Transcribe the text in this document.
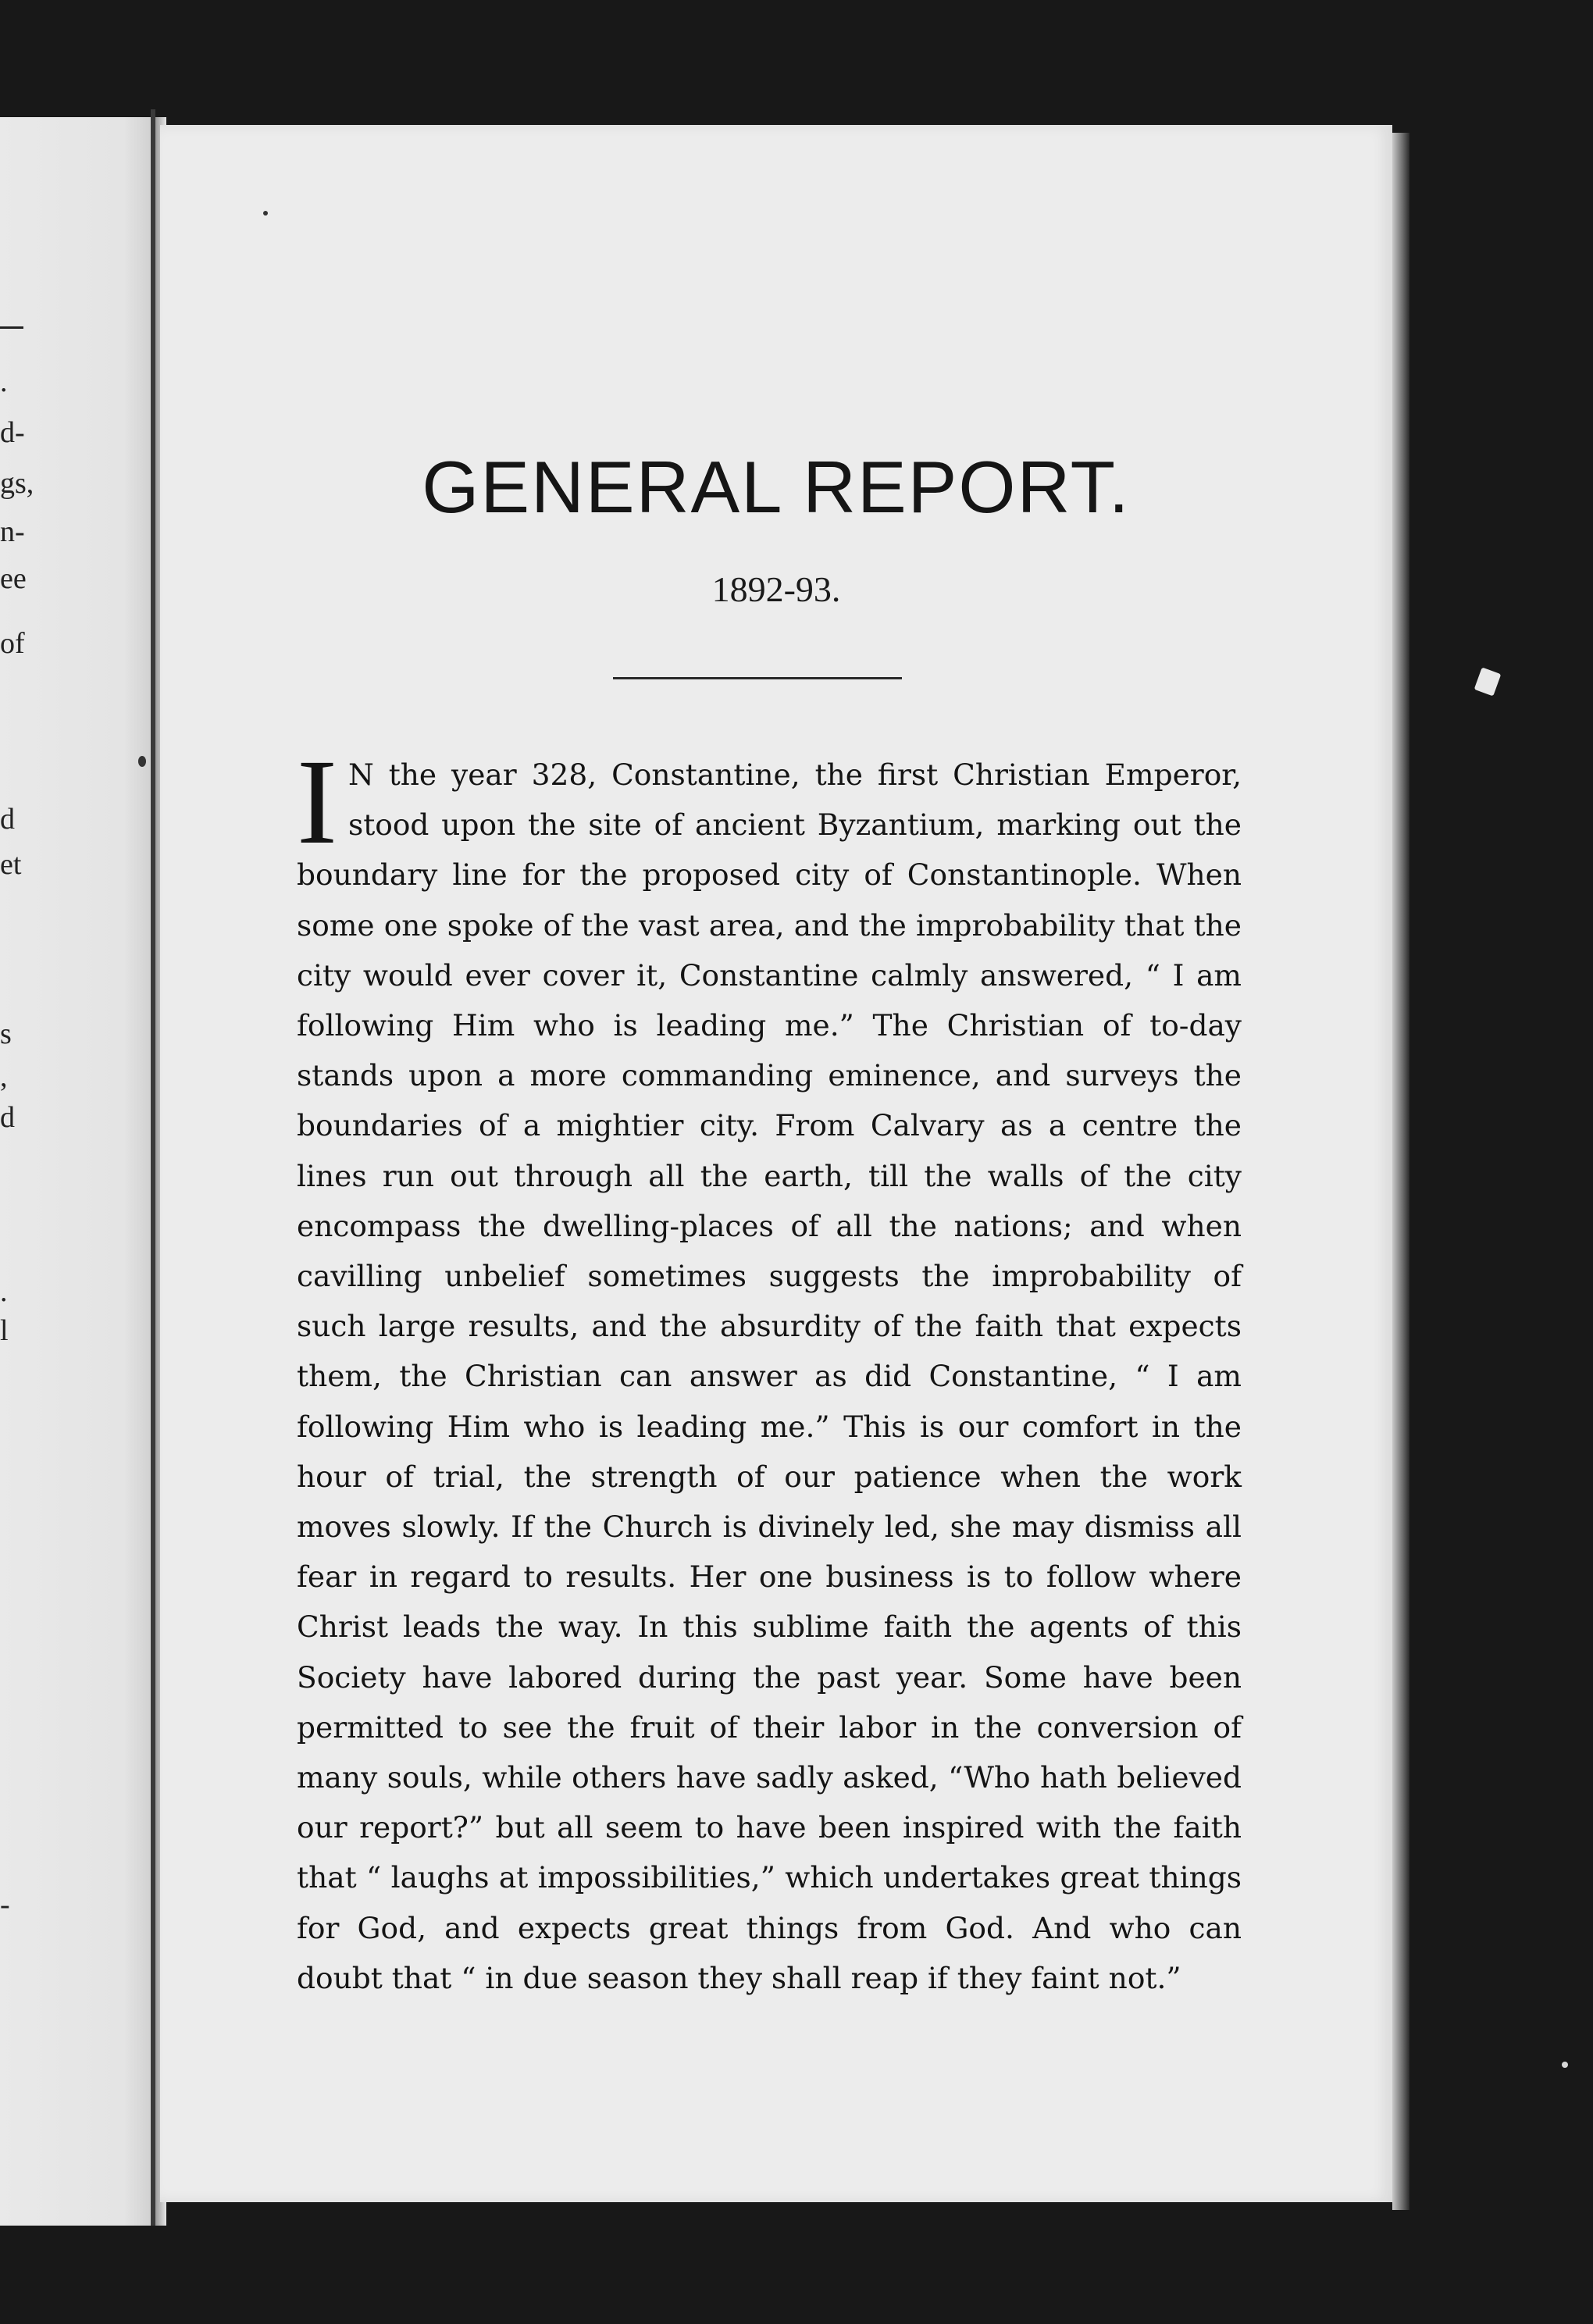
.
d-
gs,
n-
ee
of
d
et
s
,
d
.
l
-
GENERAL REPORT.

1892-93.

I N the year 328, Constantine, the first Christian Emperor, stood upon the site of ancient Byzantium, marking out the boundary line for the proposed city of Constantinople. When some one spoke of the vast area, and the improbability that the city would ever cover it, Constantine calmly answered, “ I am following Him who is leading me.” The Christian of to-day stands upon a more commanding eminence, and surveys the boundaries of a mightier city. From Calvary as a centre the lines run out through all the earth, till the walls of the city encompass the dwelling-places of all the nations; and when cavilling unbelief sometimes suggests the improbability of such large results, and the absurdity of the faith that expects them, the Christian can answer as did Constantine, “ I am following Him who is leading me.” This is our comfort in the hour of trial, the strength of our patience when the work moves slowly. If the Church is divinely led, she may dismiss all fear in regard to results. Her one business is to follow where Christ leads the way. In this sublime faith the agents of this Society have labored during the past year. Some have been permitted to see the fruit of their labor in the conversion of many souls, while others have sadly asked, “Who hath believed our report?” but all seem to have been inspired with the faith that “ laughs at impossibilities,” which undertakes great things for God, and expects great things from God. And who can doubt that “ in due season they shall reap if they faint not.”
